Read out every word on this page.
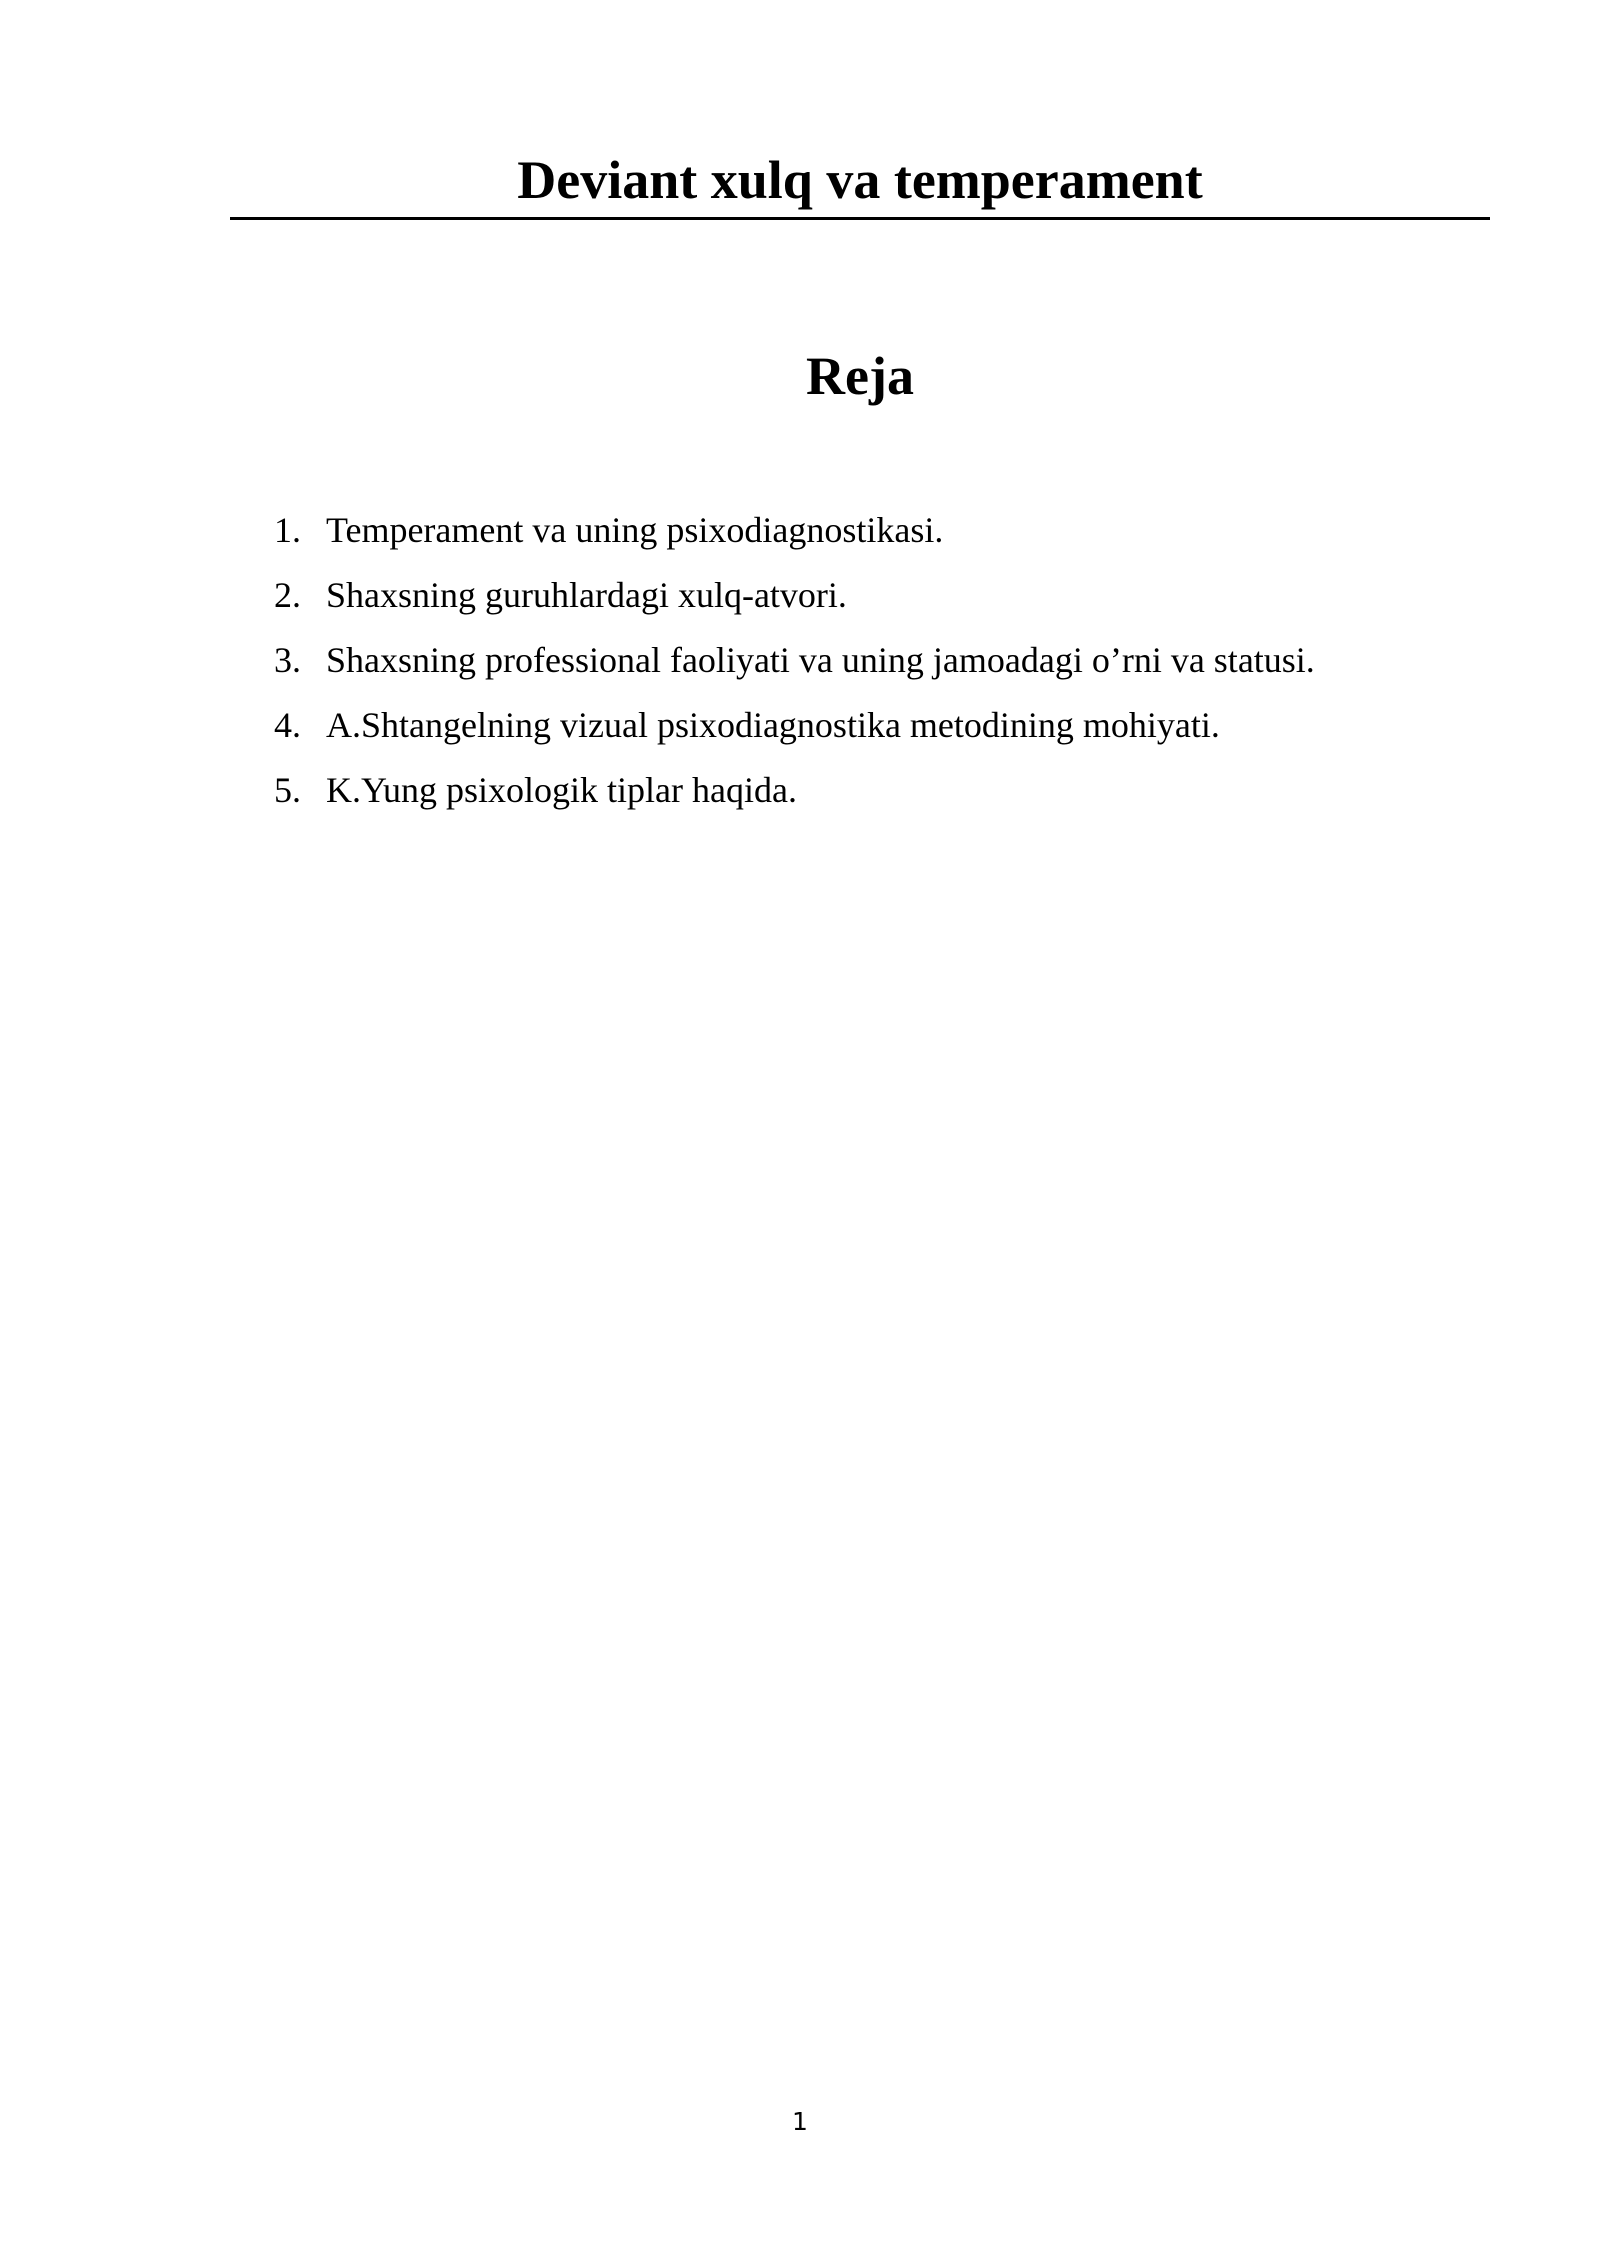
Deviant xulq va temperament
Reja
1. Temperament va uning psixodiagnostikasi.
2. Shaxsning guruhlardagi xulq-atvori.
3. Shaxsning professional faoliyati va uning jamoadagi o’rni va statusi.
4. A.Shtangelning vizual psixodiagnostika metodining mohiyati.
5. K.Yung psixologik tiplar haqida.
1
